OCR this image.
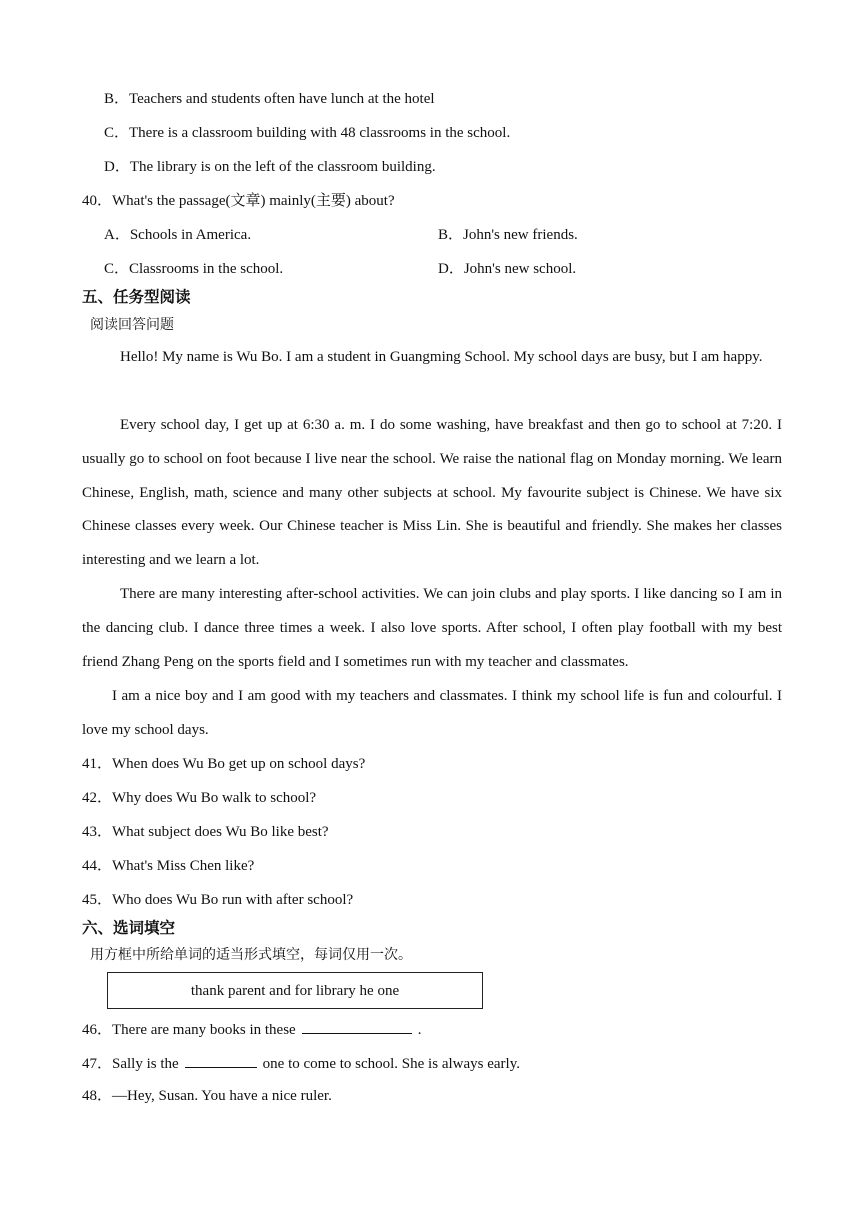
B．Teachers and students often have lunch at the hotel
C．There is a classroom building with 48 classrooms in the school.
D．The library is on the left of the classroom building.
40．What's the passage(文章) mainly(主要) about?
A．Schools in America.	B．John's new friends.
C．Classrooms in the school.	D．John's new school.
五、任务型阅读
阅读回答问题
Hello! My name is Wu Bo. I am a student in Guangming School. My school days are busy, but I am happy.
Every school day, I get up at 6:30 a. m. I do some washing, have breakfast and then go to school at 7:20. I usually go to school on foot because I live near the school. We raise the national flag on Monday morning. We learn Chinese, English, math, science and many other subjects at school. My favourite subject is Chinese. We have six Chinese classes every week. Our Chinese teacher is Miss Lin. She is beautiful and friendly. She makes her classes interesting and we learn a lot.
There are many interesting after-school activities. We can join clubs and play sports. I like dancing so I am in the dancing club. I dance three times a week. I also love sports. After school, I often play football with my best friend Zhang Peng on the sports field and I sometimes run with my teacher and classmates.
I am a nice boy and I am good with my teachers and classmates. I think my school life is fun and colourful. I love my school days.
41．When does Wu Bo get up on school days?
42．Why does Wu Bo walk to school?
43．What subject does Wu Bo like best?
44．What's Miss Chen like?
45．Who does Wu Bo run with after school?
六、选词填空
用方框中所给单词的适当形式填空，每词仅用一次。
thank parent and for library he one
46．There are many books in these	.
47．Sally is the	one to come to school. She is always early.
48．—Hey, Susan. You have a nice ruler.
